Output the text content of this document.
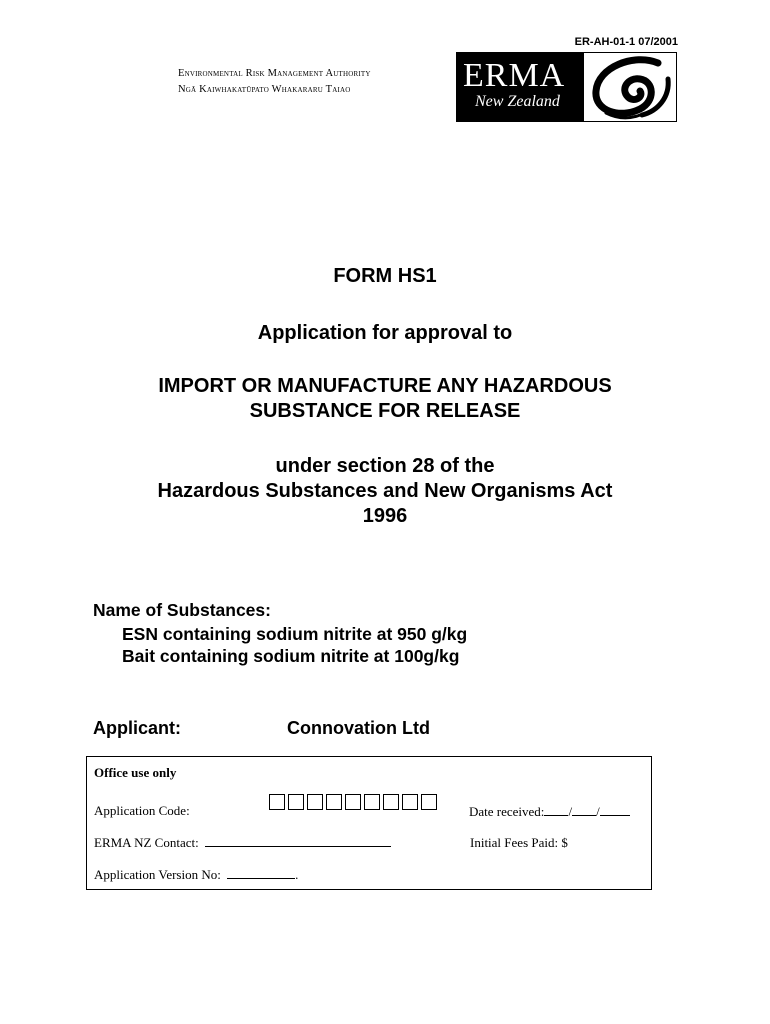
ER-AH-01-1 07/2001
Environmental Risk Management Authority
Ngā Kaiwhakatūpato Whakararu Taiao	ERMA
New Zealand
FORM HS1
Application for approval to
IMPORT OR MANUFACTURE ANY HAZARDOUS
SUBSTANCE FOR RELEASE
under section 28 of the
Hazardous Substances and New Organisms Act
1996
Name of Substances:
ESN containing sodium nitrite at 950 g/kg
Bait containing sodium nitrite at 100g/kg
Applicant:	Connovation Ltd
Office use only
Application Code:	Date received: / /
ERMA NZ Contact:	Initial Fees Paid: $
Application Version No:	.
